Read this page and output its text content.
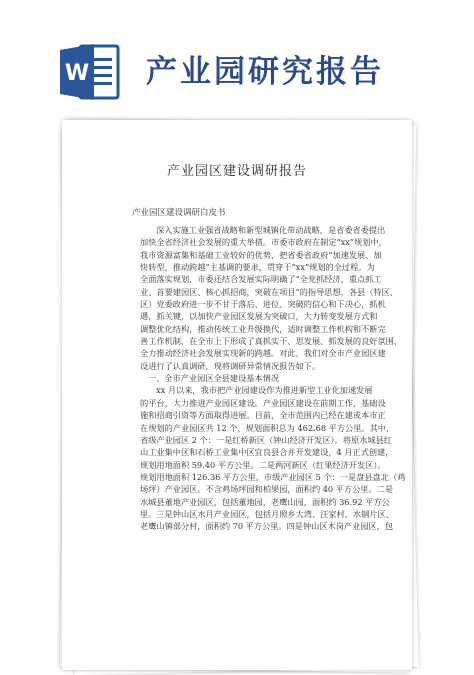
W 产业园研究报告
产业园区建设调研报告
产业园区建设调研白皮书
深入实施工业强省战略和新型城镇化带动战略，是省委省委提出
加快全省经济社会发展的重大举措。市委市政府在制定“xx”规划中，
我市资源富集和基础工业较好的优势，把省委省政府“加速发展、加
快转型，推动跨越”主基调的要求，贯穿于“xx”规划的全过程。为
全面落实规划，市委还结合发展实际明确了“全党抓经济，重点抓工
业、首要建园区、核心抓招商，突破在项目”的指导思想，各县（特区、
区）党委政府进一步不甘于落后、进位、突破的信心和下决心，抓机
遇，抓关键，以加快产业园区发展为突破口，大力转变发展方式和
调整优化结构，推动传统工业升级换代，适时调整工作机构和不断完
善工作机制，在全市上下形成了真抓实干、思发展、抓发展的良好氛围，
全力推动经济社会发展实现新的跨越。对此，我们对全市产业园区建
设进行了认真调研，现将调研异常情况报告如下。
一、全市产业园区全县建设基本情况
xx 月以来，我市把产业园建设作为推进新型工业化加速发展
的平台，大力推进产业园区建设。产业园区建设在前期工作，基础设
施和招商引资等方面取得进展。目前，全市范围内已经在建或本市正
在规划的产业园区共 12 个，规划面积总为 462.68 平方公里。其中，
省级产业园区 2 个：一是红桥新区（钟山经济开发区）。将原水城县红
山工业集中区和石桥工业集中区宜良县合并开发建设，4 月正式创建，
规划用地面积 59.40 平方公里。二是两河新区（红果经济开发区）。
规划用地面积 126.36 平方公里。市级产业园区 5 个：一是盘县盘北（鸡
场坪）产业园区。不含鸡场坪园和柏果园，面积约 40 平方公里。二是
水城县董地产业园区，包括董地园，老鹰山园，面积约 36.92 平方公
里。三是钟山区水月产业园区，包括月照乡大湾、汪家村、水钢片区、
老鹰山镇部分村，面积约 70 平方公里。四是钟山区木岗产业园区，包
